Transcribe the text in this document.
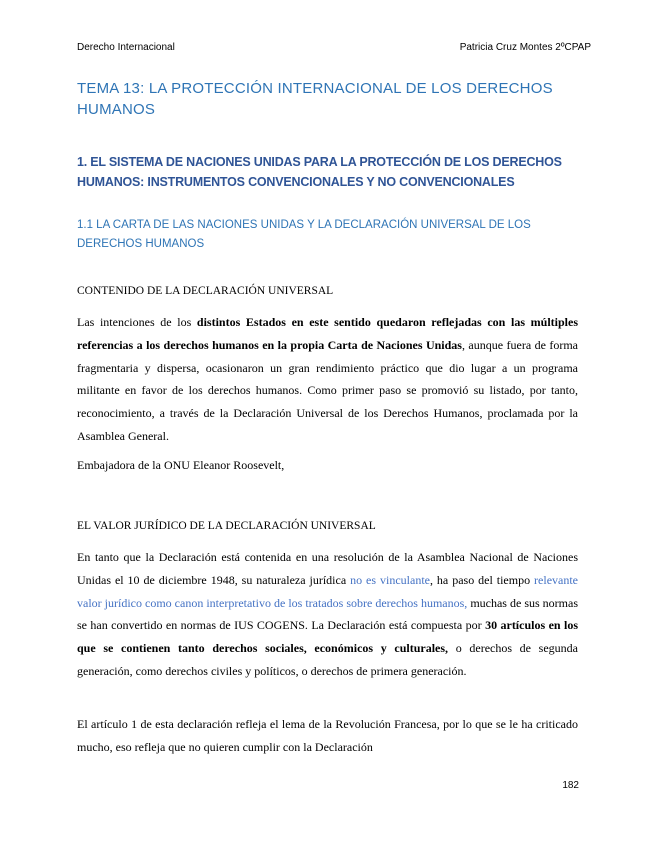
Derecho Internacional	Patricia Cruz Montes 2ºCPAP
TEMA 13: LA PROTECCIÓN INTERNACIONAL DE LOS DERECHOS HUMANOS
1. EL SISTEMA DE NACIONES UNIDAS PARA LA PROTECCIÓN DE LOS DERECHOS HUMANOS: INSTRUMENTOS CONVENCIONALES Y NO CONVENCIONALES
1.1 LA CARTA DE LAS NACIONES UNIDAS Y LA DECLARACIÓN UNIVERSAL DE LOS DERECHOS HUMANOS
CONTENIDO DE LA DECLARACIÓN UNIVERSAL
Las intenciones de los distintos Estados en este sentido quedaron reflejadas con las múltiples referencias a los derechos humanos en la propia Carta de Naciones Unidas, aunque fuera de forma fragmentaria y dispersa, ocasionaron un gran rendimiento práctico que dio lugar a un programa militante en favor de los derechos humanos. Como primer paso se promovió su listado, por tanto, reconocimiento, a través de la Declaración Universal de los Derechos Humanos, proclamada por la Asamblea General.
Embajadora de la ONU Eleanor Roosevelt,
EL VALOR JURÍDICO DE LA DECLARACIÓN UNIVERSAL
En tanto que la Declaración está contenida en una resolución de la Asamblea Nacional de Naciones Unidas el 10 de diciembre 1948, su naturaleza jurídica no es vinculante, ha paso del tiempo relevante valor jurídico como canon interpretativo de los tratados sobre derechos humanos, muchas de sus normas se han convertido en normas de IUS COGENS. La Declaración está compuesta por 30 artículos en los que se contienen tanto derechos sociales, económicos y culturales, o derechos de segunda generación, como derechos civiles y políticos, o derechos de primera generación.
El artículo 1 de esta declaración refleja el lema de la Revolución Francesa, por lo que se le ha criticado mucho, eso refleja que no quieren cumplir con la Declaración
182
